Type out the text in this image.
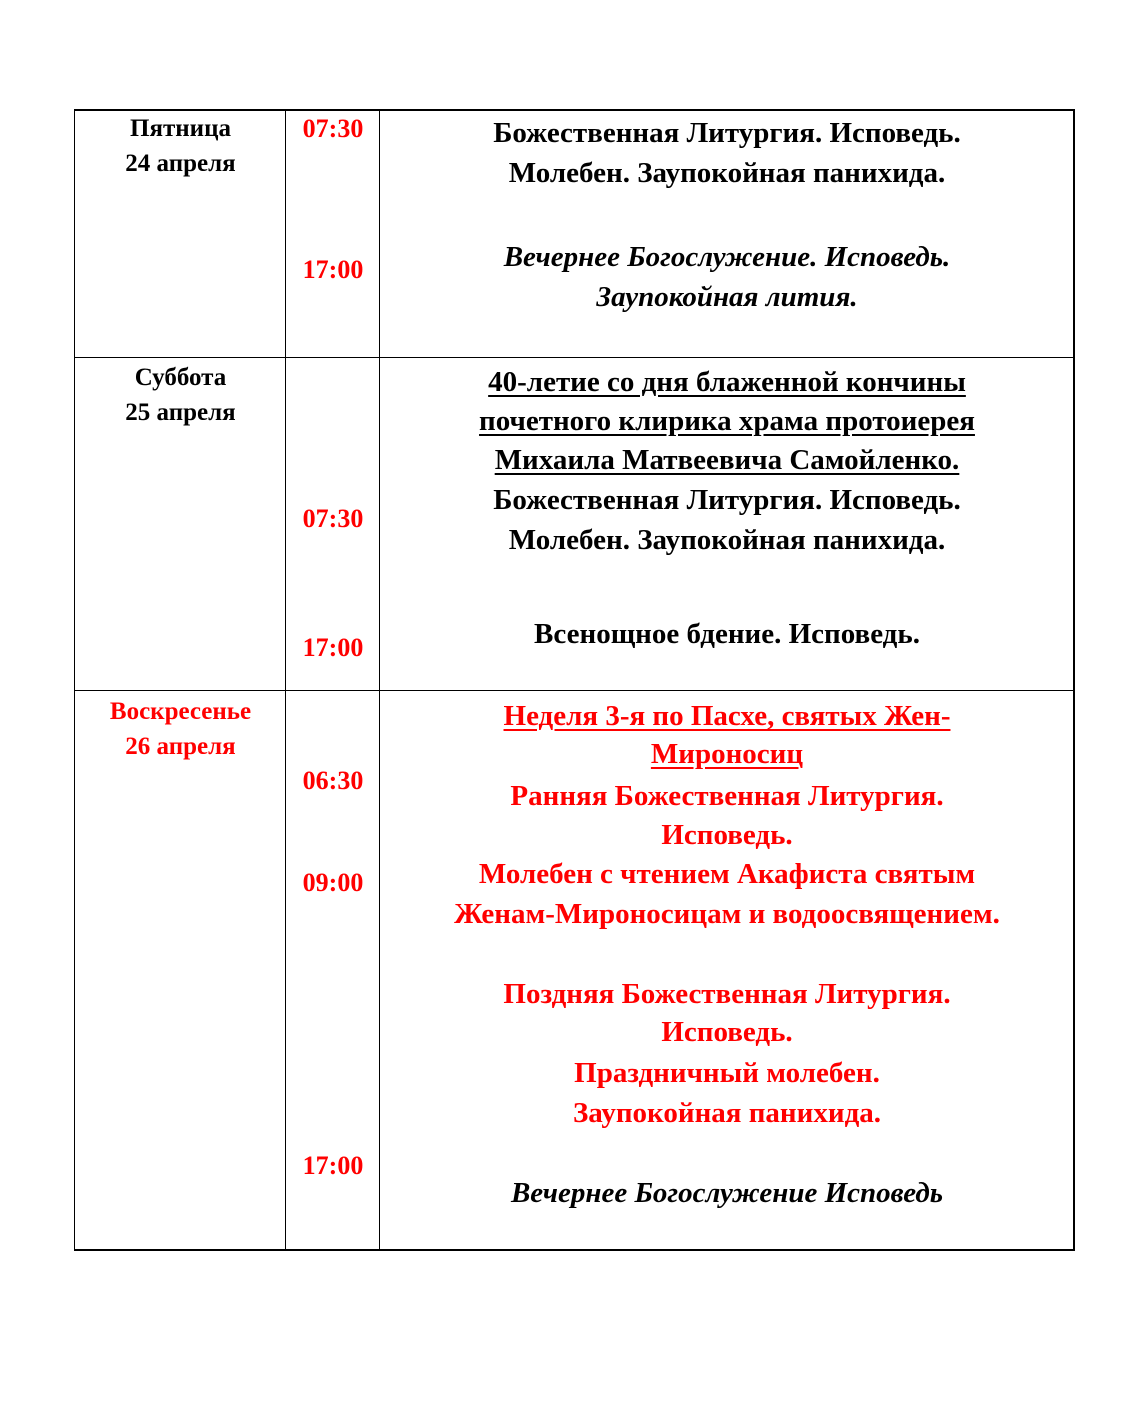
Пятница
24 апреля
07:30
17:00
Божественная Литургия. Исповедь.
Молебен. Заупокойная панихида.
Вечернее Богослужение. Исповедь.
Заупокойная лития.
Суббота
25 апреля
07:30
17:00
40-летие со дня блаженной кончины
почетного клирика храма протоиерея
Михаила Матвеевича Самойленко.
Божественная Литургия. Исповедь.
Молебен. Заупокойная панихида.
Всенощное бдение. Исповедь.
Воскресенье
26 апреля
06:30
09:00
17:00
Неделя 3-я по Пасхе, святых Жен-
Мироносиц
Ранняя Божественная Литургия.
Исповедь.
Молебен с чтением Акафиста святым
Женам-Мироносицам и водоосвящением.
Поздняя Божественная Литургия.
Исповедь.
Праздничный молебен.
Заупокойная панихида.
Вечернее Богослужение Исповедь
